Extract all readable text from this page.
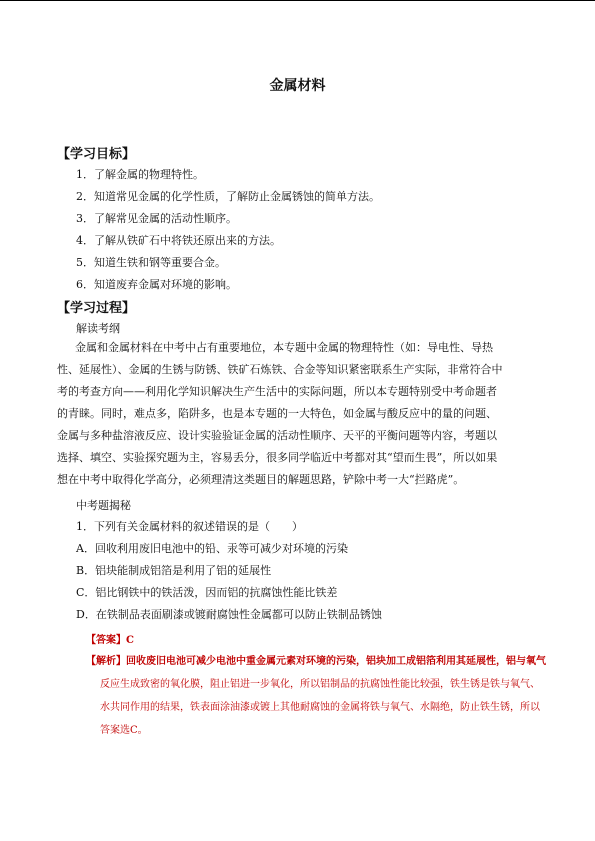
金属材料
【学习目标】
1．了解金属的物理特性。
2．知道常见金属的化学性质，了解防止金属锈蚀的简单方法。
3．了解常见金属的活动性顺序。
4．了解从铁矿石中将铁还原出来的方法。
5．知道生铁和钢等重要合金。
6．知道废弃金属对环境的影响。
【学习过程】
解读考纲
金属和金属材料在中考中占有重要地位，本专题中金属的物理特性（如：导电性、导热
性、延展性）、金属的生锈与防锈、铁矿石炼铁、合金等知识紧密联系生产实际，非常符合中
考的考查方向——利用化学知识解决生产生活中的实际问题，所以本专题特别受中考命题者
的青睐。同时，难点多，陷阱多，也是本专题的一大特色，如金属与酸反应中的量的问题、
金属与多种盐溶液反应、设计实验验证金属的活动性顺序、天平的平衡问题等内容，考题以
选择、填空、实验探究题为主，容易丢分，很多同学临近中考都对其“望而生畏”，所以如果
想在中考中取得化学高分，必须理清这类题目的解题思路，铲除中考一大“拦路虎”。
中考题揭秘
1．下列有关金属材料的叙述错误的是（　　）
A．回收利用废旧电池中的铅、汞等可减少对环境的污染
B．铝块能制成铝箔是利用了铝的延展性
C．铝比钢铁中的铁活泼，因而铝的抗腐蚀性能比铁差
D．在铁制品表面刷漆或镀耐腐蚀性金属都可以防止铁制品锈蚀
【答案】C
【解析】回收废旧电池可减少电池中重金属元素对环境的污染，铝块加工成铝箔利用其延展性，铝与氧气
反应生成致密的氧化膜，阻止铝进一步氧化，所以铝制品的抗腐蚀性能比较强，铁生锈是铁与氧气、
水共同作用的结果，铁表面涂油漆或镀上其他耐腐蚀的金属将铁与氧气、水隔绝，防止铁生锈，所以
答案选C。
